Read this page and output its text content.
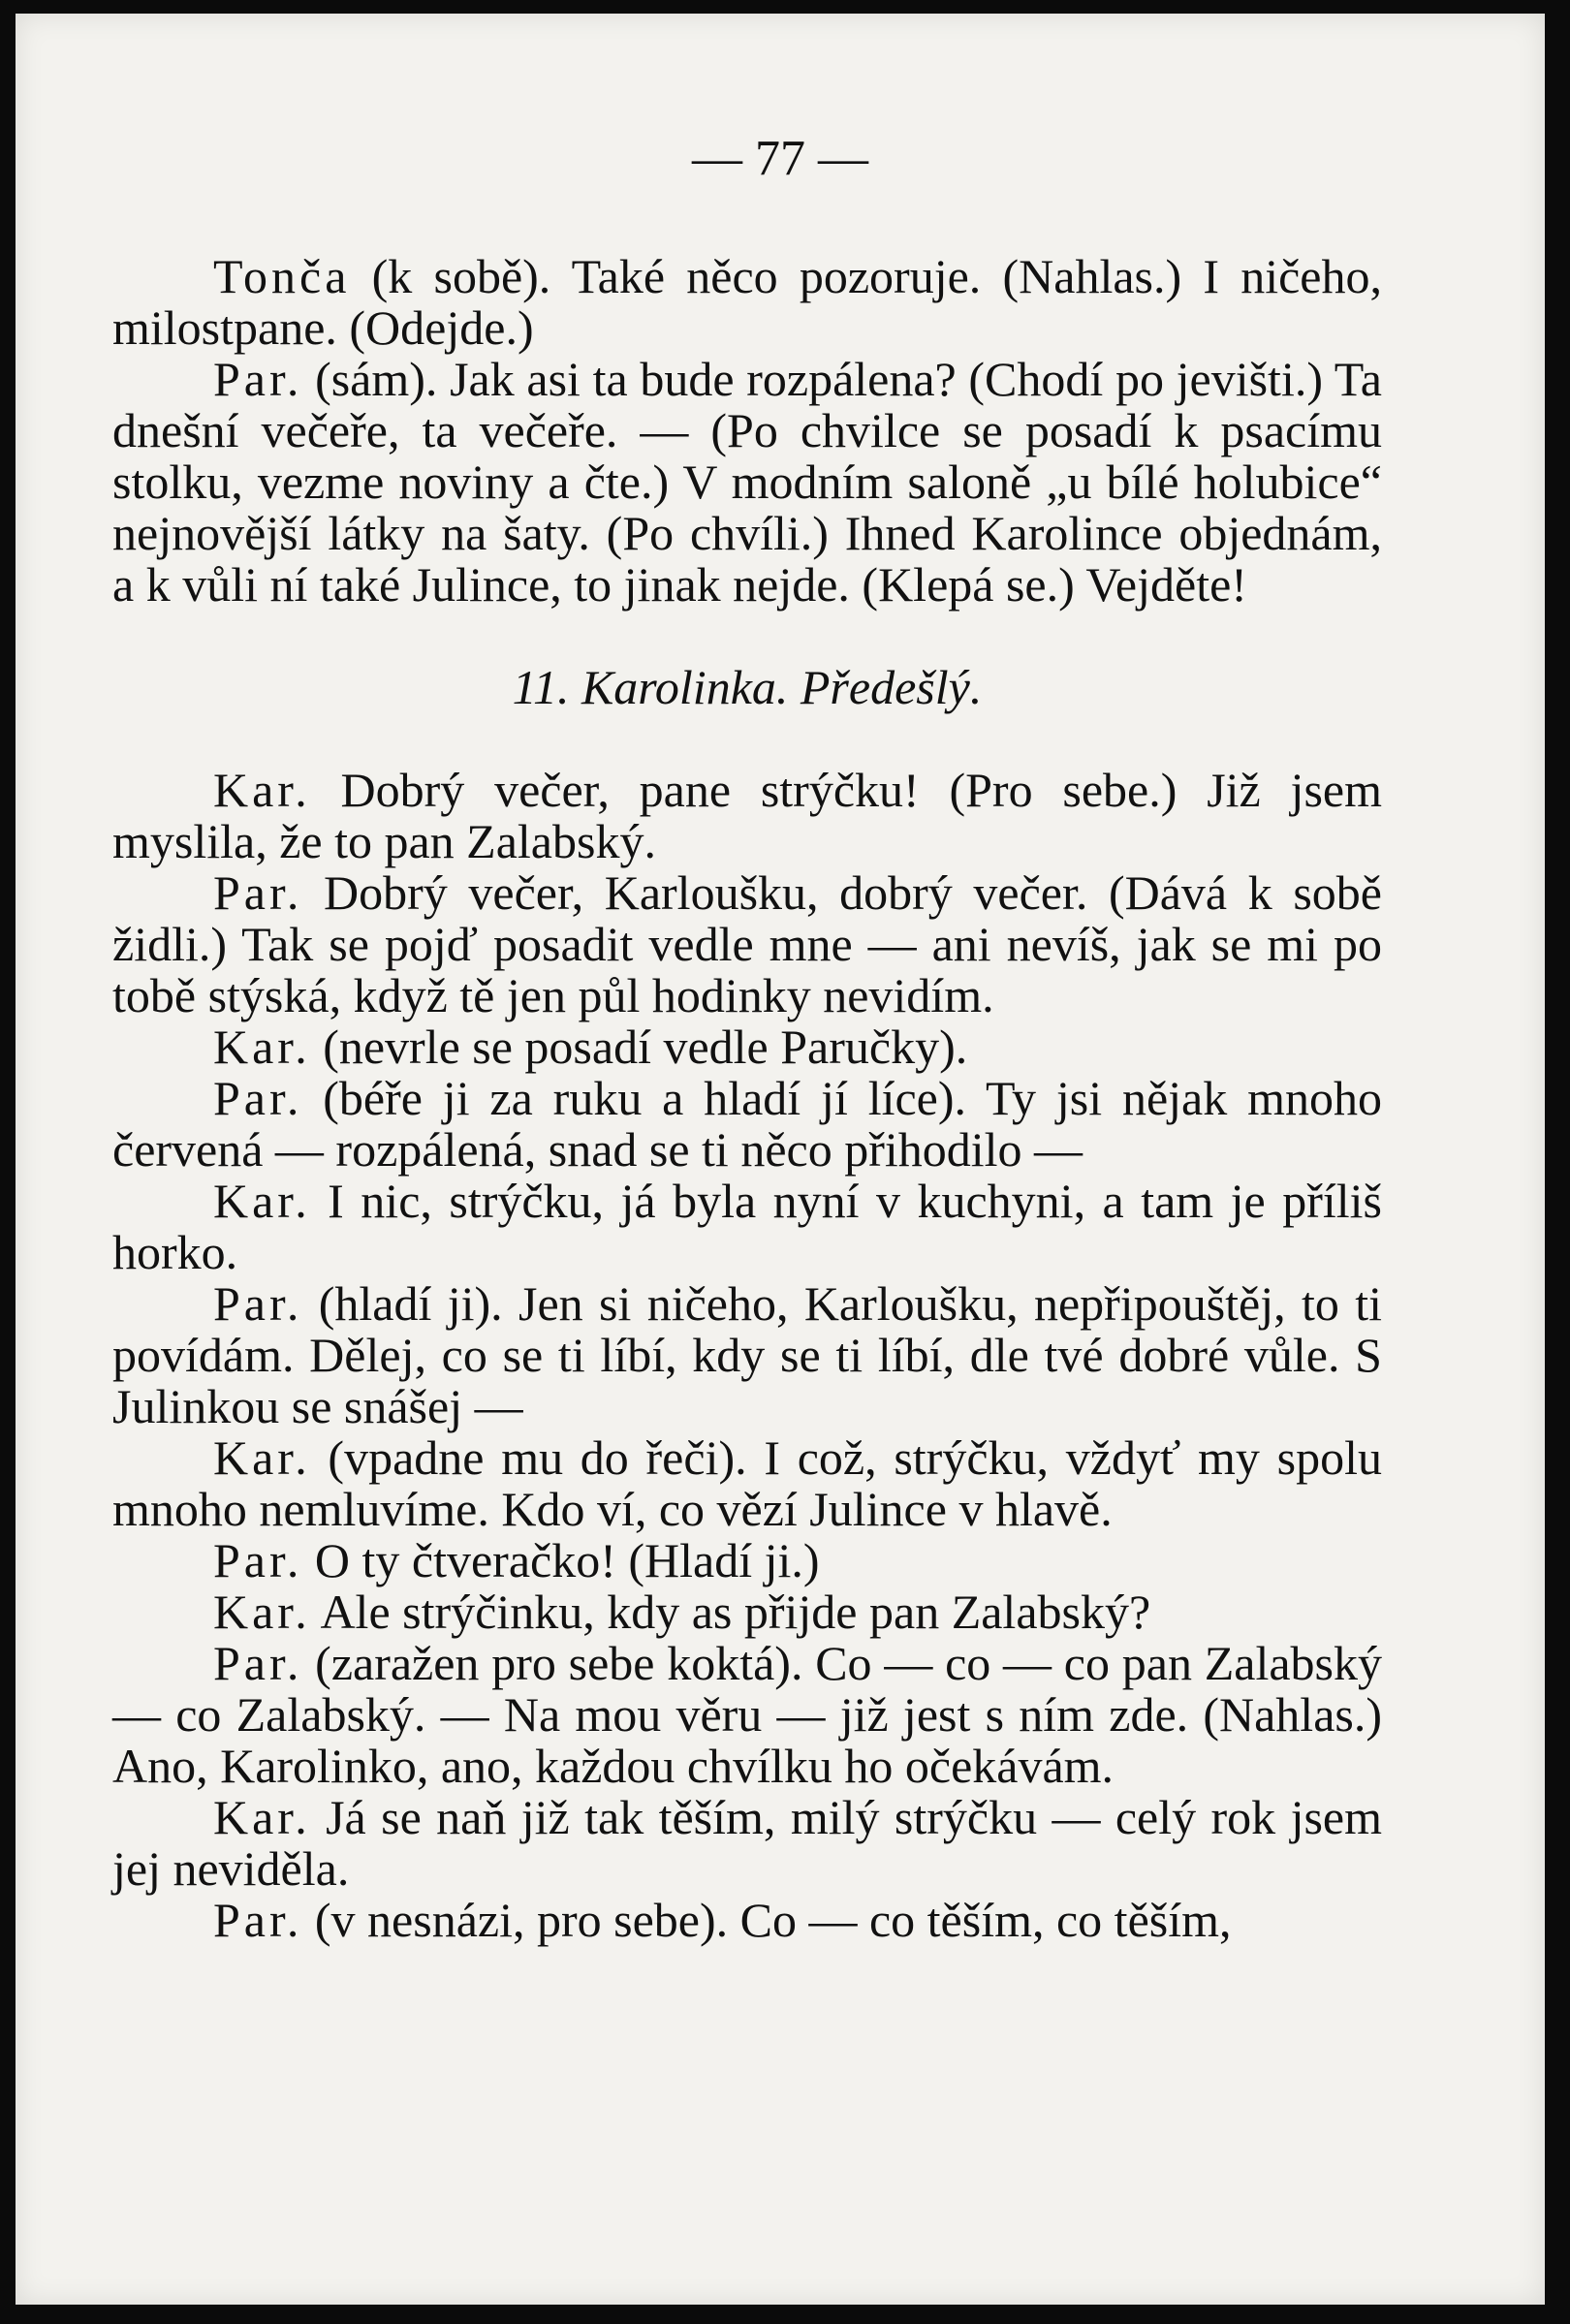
— 77 —

Tonča (k sobě). Také něco pozoruje. (Nahlas.) I ničeho, milostpane. (Odejde.)

Par. (sám). Jak asi ta bude rozpálena? (Chodí po jevišti.) Ta dnešní večeře, ta večeře. — (Po chvilce se posadí k psacímu stolku, vezme noviny a čte.) V modním saloně „u bílé holubice“ nejnovější látky na šaty. (Po chvíli.) Ihned Karolince objednám, a k vůli ní také Julince, to jinak nejde. (Klepá se.) Vejděte!

11. Karolinka. Předešlý.

Kar. Dobrý večer, pane strýčku! (Pro sebe.) Již jsem myslila, že to pan Zalabský.

Par. Dobrý večer, Karloušku, dobrý večer. (Dává k sobě židli.) Tak se pojď posadit vedle mne — ani nevíš, jak se mi po tobě stýská, když tě jen půl hodinky nevidím.

Kar. (nevrle se posadí vedle Paručky).

Par. (béře ji za ruku a hladí jí líce). Ty jsi nějak mnoho červená — rozpálená, snad se ti něco přihodilo —

Kar. I nic, strýčku, já byla nyní v kuchyni, a tam je příliš horko.

Par. (hladí ji). Jen si ničeho, Karloušku, nepřipouštěj, to ti povídám. Dělej, co se ti líbí, kdy se ti líbí, dle tvé dobré vůle. S Julinkou se snášej —

Kar. (vpadne mu do řeči). I což, strýčku, vždyť my spolu mnoho nemluvíme. Kdo ví, co vězí Julince v hlavě.

Par. O ty čtveračko! (Hladí ji.)

Kar. Ale strýčinku, kdy as přijde pan Zalabský?

Par. (zaražen pro sebe koktá). Co — co — co pan Zalabský — co Zalabský. — Na mou věru — již jest s ním zde. (Nahlas.) Ano, Karolinko, ano, každou chvílku ho očekávám.

Kar. Já se naň již tak těším, milý strýčku — celý rok jsem jej neviděla.

Par. (v nesnázi, pro sebe). Co — co těším, co těším,
